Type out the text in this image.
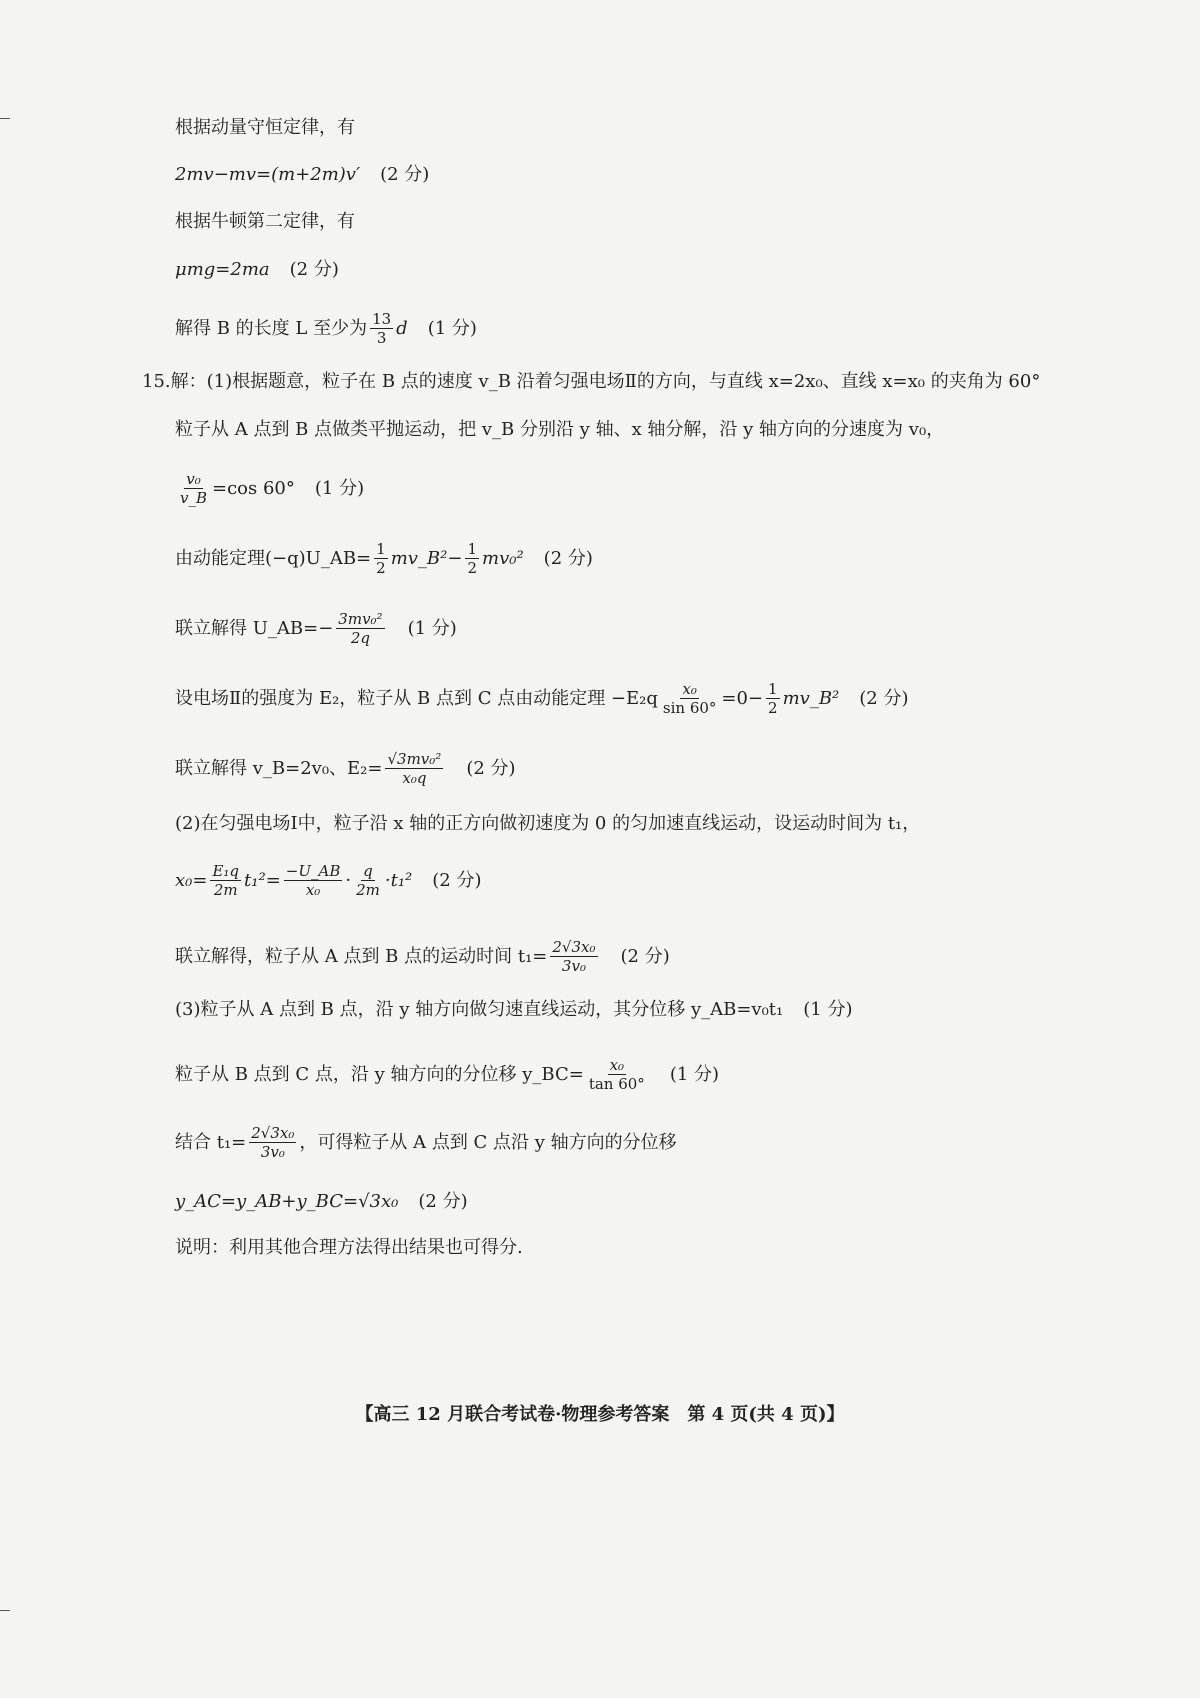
根据动量守恒定律，有
2mv−mv=(m+2m)v′ (2 分)
根据牛顿第二定律，有
μmg=2ma (2 分)
解得 B 的长度 L 至少为 $\frac{13}{3}$ d (1 分)
15. 解：(1)根据题意，粒子在 B 点的速度 v_B 沿着匀强电场Ⅱ的方向，与直线 x=2x₀、直线 x=x₀ 的夹角为 60°
粒子从 A 点到 B 点做类平抛运动，把 v_B 分别沿 y 轴、x 轴分解，沿 y 轴方向的分速度为 v₀，
$\frac{\text{v₀}}{v\_B} =\cos$ 60° (1 分)
由动能定理(−q)U_AB= $\frac{1}{2}$ mv_B²− $\frac{1}{2} mv_0^2$ (2 分)
联立解得 U_AB=− $\frac{\text{3mv₀²}}{2q} (1$ 分)
设电场Ⅱ的强度为 E₂，粒子从 B 点到 C 点由动能定理 $-E_2q \frac{\text{x₀}}{\sin 60^\circ} =0- \frac{1}{2}$ mv_B² (2 分)
联立解得 v_B=2v₀、$E_2= \frac{\text{√3mv₀²}}{\text{x₀q}} (2$ 分)
(2)在匀强电场Ⅰ中，粒子沿 x 轴的正方向做初速度为 0 的匀加速直线运动，设运动时间为 t₁，
$x_0= \frac{\text{E₁q}}{2m} t_1^2= \frac{-U\_AB}{\text{x₀}} \cdot \frac{q}{2m} \cdot t_1^2$ (2 分)
联立解得，粒子从 A 点到 B 点的运动时间 $t_1= \frac{\text{2√3x₀}}{\text{3v₀}} (2$ 分)
(3)粒子从 A 点到 B 点，沿 y 轴方向做匀速直线运动，其分位移 y_AB=v₀t₁ (1 分)
粒子从 B 点到 C 点，沿 y 轴方向的分位移 y_BC= $\frac{\text{x₀}}{\tan 60^\circ} (1$ 分)
结合 $t_1= \frac{\text{2√3x₀}}{\text{3v₀}}$ ，可得粒子从 A 点到 C 点沿 y 轴方向的分位移
y_AC=y_AB+y_BC=√3x₀ (2 分)
说明：利用其他合理方法得出结果也可得分.
【高三 12 月联合考试卷·物理参考答案　第 4 页(共 4 页)】
